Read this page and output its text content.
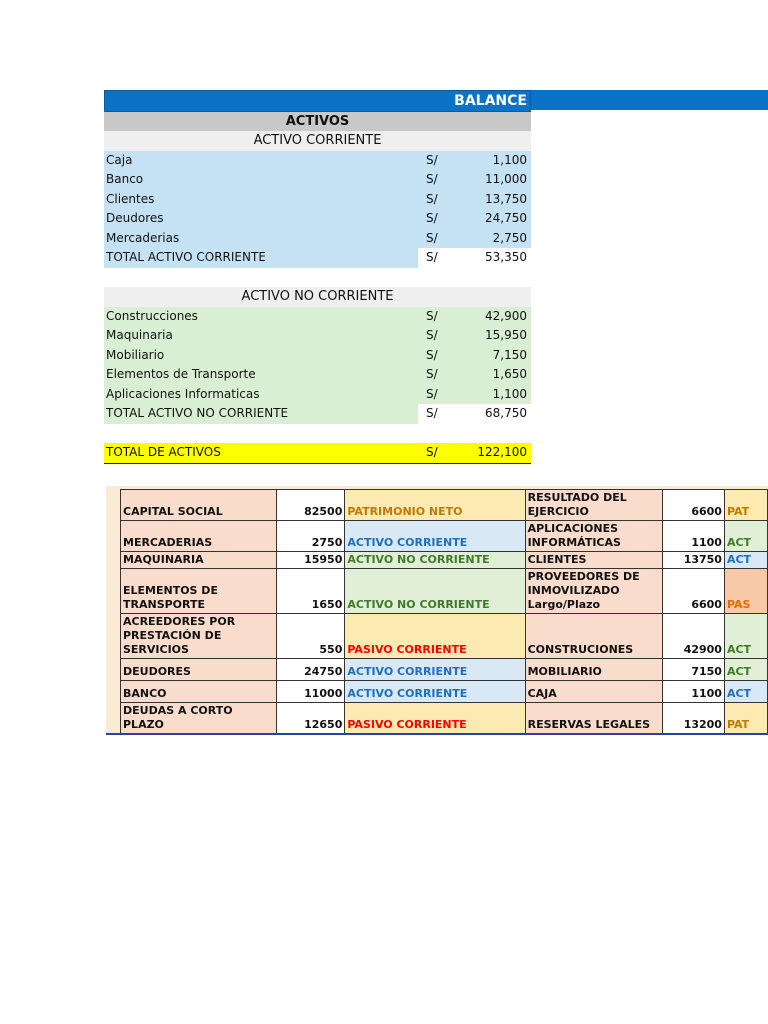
BALANCE
ACTIVOS
ACTIVO CORRIENTE
Caja	S/	1,100
Banco	S/	11,000
Clientes	S/	13,750
Deudores	S/	24,750
Mercaderias	S/	2,750
TOTAL ACTIVO CORRIENTE	S/	53,350
ACTIVO NO CORRIENTE
Construcciones	S/	42,900
Maquinaria	S/	15,950
Mobiliario	S/	7,150
Elementos de Transporte	S/	1,650
Aplicaciones Informaticas	S/	1,100
TOTAL ACTIVO NO CORRIENTE	S/	68,750
TOTAL DE ACTIVOS	S/	122,100
CAPITAL SOCIAL	82500	PATRIMONIO NETO	RESULTADO DEL EJERCICIO	6600	PAT
MERCADERIAS	2750	ACTIVO CORRIENTE	APLICACIONES INFORMÁTICAS	1100	ACT
MAQUINARIA	15950	ACTIVO NO CORRIENTE	CLIENTES	13750	ACT
ELEMENTOS DE TRANSPORTE	1650	ACTIVO NO CORRIENTE	PROVEEDORES DE INMOVILIZADO Largo/Plazo	6600	PAS
ACREEDORES POR PRESTACIÓN DE SERVICIOS	550	PASIVO CORRIENTE	CONSTRUCIONES	42900	ACT
DEUDORES	24750	ACTIVO CORRIENTE	MOBILIARIO	7150	ACT
BANCO	11000	ACTIVO CORRIENTE	CAJA	1100	ACT
DEUDAS A CORTO PLAZO	12650	PASIVO CORRIENTE	RESERVAS LEGALES	13200	PAT
